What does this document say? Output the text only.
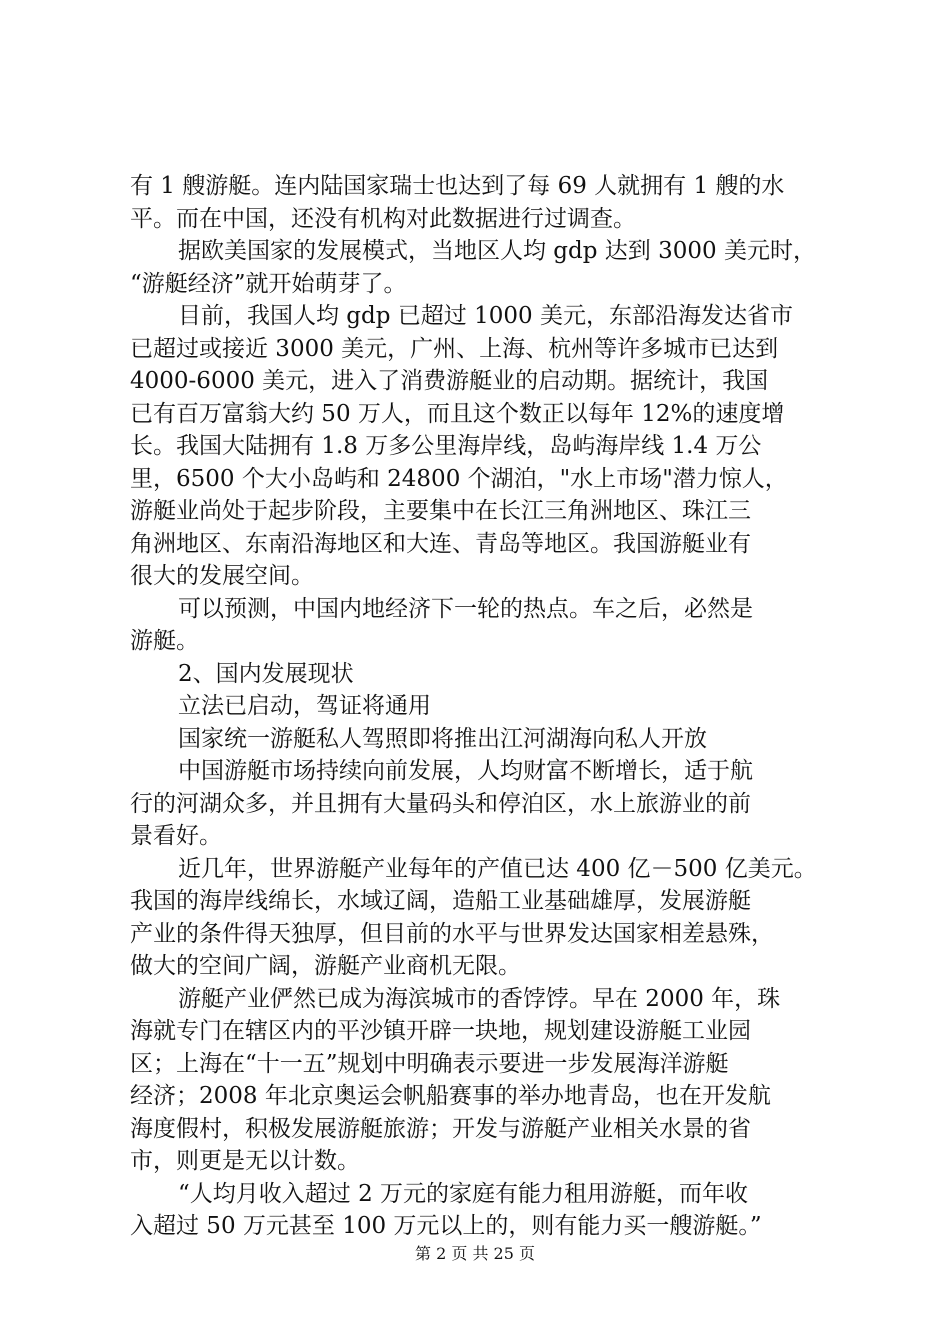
有 1 艘游艇。连内陆国家瑞士也达到了每 69 人就拥有 1 艘的水
平。而在中国，还没有机构对此数据进行过调查。
据欧美国家的发展模式，当地区人均 gdp 达到 3000 美元时，
“游艇经济”就开始萌芽了。
目前，我国人均 gdp 已超过 1000 美元，东部沿海发达省市
已超过或接近 3000 美元，广州、上海、杭州等许多城市已达到
4000-6000 美元，进入了消费游艇业的启动期。据统计，我国
已有百万富翁大约 50 万人，而且这个数正以每年 12%的速度增
长。我国大陆拥有 1.8 万多公里海岸线，岛屿海岸线 1.4 万公
里，6500 个大小岛屿和 24800 个湖泊，"水上市场"潜力惊人，
游艇业尚处于起步阶段，主要集中在长江三角洲地区、珠江三
角洲地区、东南沿海地区和大连、青岛等地区。我国游艇业有
很大的发展空间。
可以预测，中国内地经济下一轮的热点。车之后，必然是
游艇。
2、国内发展现状
立法已启动，驾证将通用
国家统一游艇私人驾照即将推出江河湖海向私人开放
中国游艇市场持续向前发展，人均财富不断增长，适于航
行的河湖众多，并且拥有大量码头和停泊区，水上旅游业的前
景看好。
近几年，世界游艇产业每年的产值已达 400 亿－500 亿美元。
我国的海岸线绵长，水域辽阔，造船工业基础雄厚，发展游艇
产业的条件得天独厚，但目前的水平与世界发达国家相差悬殊，
做大的空间广阔，游艇产业商机无限。
游艇产业俨然已成为海滨城市的香饽饽。早在 2000 年，珠
海就专门在辖区内的平沙镇开辟一块地，规划建设游艇工业园
区；上海在“十一五”规划中明确表示要进一步发展海洋游艇
经济；2008 年北京奥运会帆船赛事的举办地青岛，也在开发航
海度假村，积极发展游艇旅游；开发与游艇产业相关水景的省
市，则更是无以计数。
“人均月收入超过 2 万元的家庭有能力租用游艇，而年收
入超过 50 万元甚至 100 万元以上的，则有能力买一艘游艇。”
第 2 页 共 25 页
